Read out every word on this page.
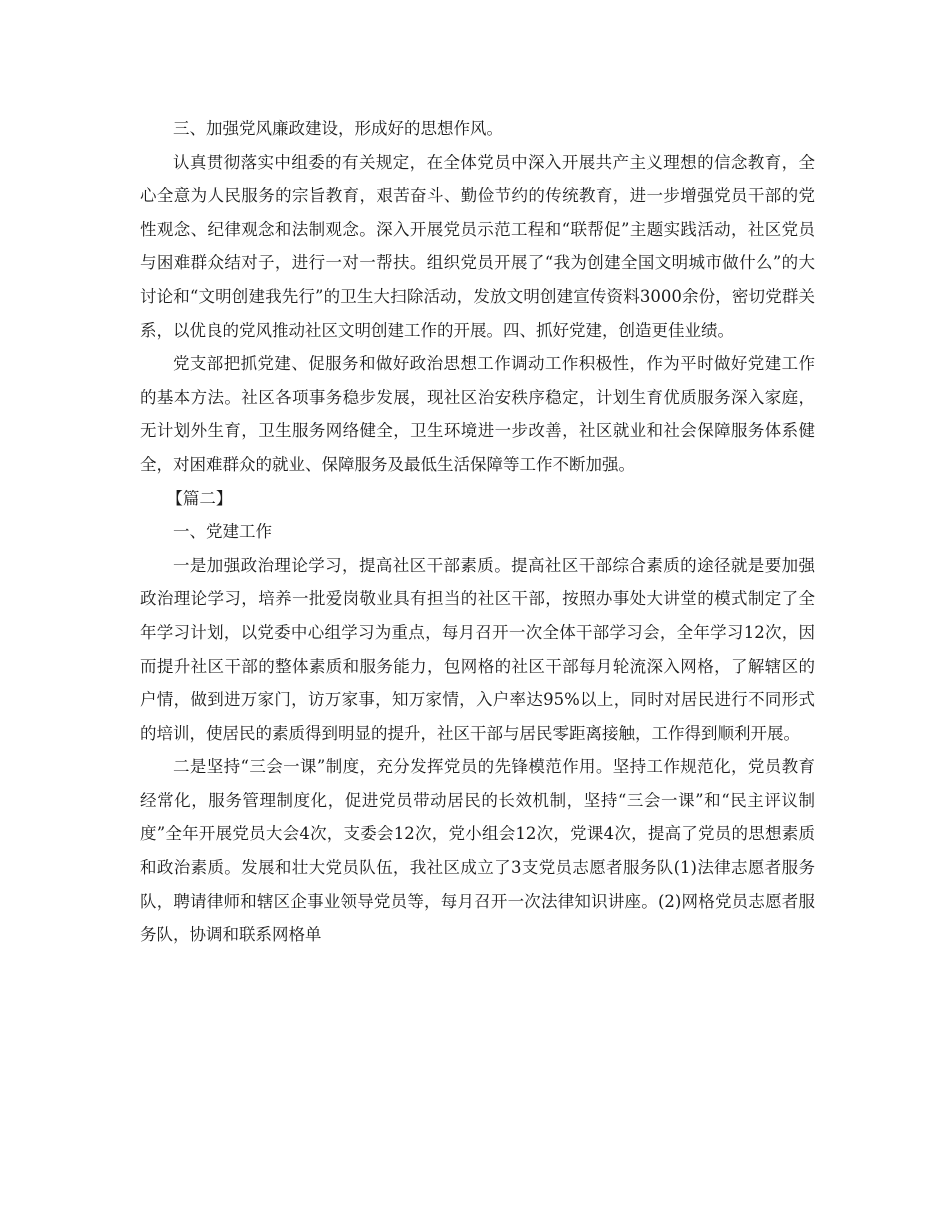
三、加强党风廉政建设，形成好的思想作风。

认真贯彻落实中组委的有关规定，在全体党员中深入开展共产主义理想的信念教育，全心全意为人民服务的宗旨教育，艰苦奋斗、勤俭节约的传统教育，进一步增强党员干部的党性观念、纪律观念和法制观念。深入开展党员示范工程和“联帮促”主题实践活动，社区党员与困难群众结对子，进行一对一帮扶。组织党员开展了“我为创建全国文明城市做什么”的大讨论和“文明创建我先行”的卫生大扫除活动，发放文明创建宣传资料3000余份，密切党群关系，以优良的党风推动社区文明创建工作的开展。四、抓好党建，创造更佳业绩。

党支部把抓党建、促服务和做好政治思想工作调动工作积极性，作为平时做好党建工作的基本方法。社区各项事务稳步发展，现社区治安秩序稳定，计划生育优质服务深入家庭，无计划外生育，卫生服务网络健全，卫生环境进一步改善，社区就业和社会保障服务体系健全，对困难群众的就业、保障服务及最低生活保障等工作不断加强。

【篇二】

一、党建工作

一是加强政治理论学习，提高社区干部素质。提高社区干部综合素质的途径就是要加强政治理论学习，培养一批爱岗敬业具有担当的社区干部，按照办事处大讲堂的模式制定了全年学习计划，以党委中心组学习为重点，每月召开一次全体干部学习会，全年学习12次，因而提升社区干部的整体素质和服务能力，包网格的社区干部每月轮流深入网格，了解辖区的户情，做到进万家门，访万家事，知万家情，入户率达95%以上，同时对居民进行不同形式的培训，使居民的素质得到明显的提升，社区干部与居民零距离接触，工作得到顺利开展。

二是坚持“三会一课”制度，充分发挥党员的先锋模范作用。坚持工作规范化，党员教育经常化，服务管理制度化，促进党员带动居民的长效机制，坚持“三会一课”和“民主评议制度”全年开展党员大会4次，支委会12次，党小组会12次，党课4次，提高了党员的思想素质和政治素质。发展和壮大党员队伍，我社区成立了3支党员志愿者服务队(1)法律志愿者服务队，聘请律师和辖区企事业领导党员等，每月召开一次法律知识讲座。(2)网格党员志愿者服务队，协调和联系网格单
